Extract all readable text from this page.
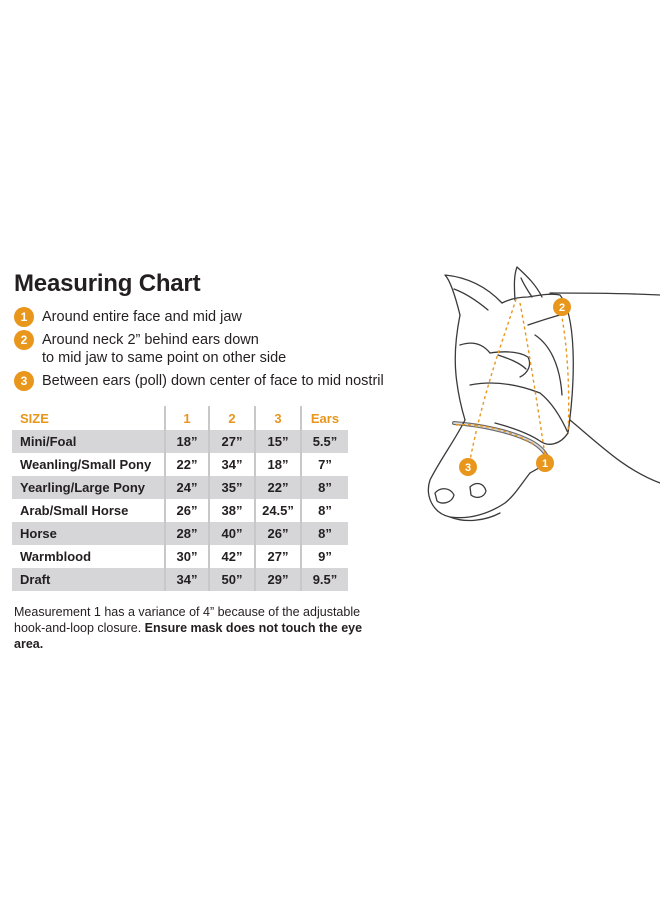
Measuring Chart
1	Around entire face and mid jaw
2	Around neck 2” behind ears down
to mid jaw to same point on other side
3	Between ears (poll) down center of face to mid nostril
SIZE	1	2	3	Ears
Mini/Foal	18”	27”	15”	5.5”
Weanling/Small Pony	22”	34”	18”	7”
Yearling/Large Pony	24”	35”	22”	8”
Arab/Small Horse	26”	38”	24.5”	8”
Horse	28”	40”	26”	8”
Warmblood	30”	42”	27”	9”
Draft	34”	50”	29”	9.5”
Measurement 1 has a variance of 4” because of the adjustable hook-and-loop closure. Ensure mask does not touch the eye area.
2
1
3
